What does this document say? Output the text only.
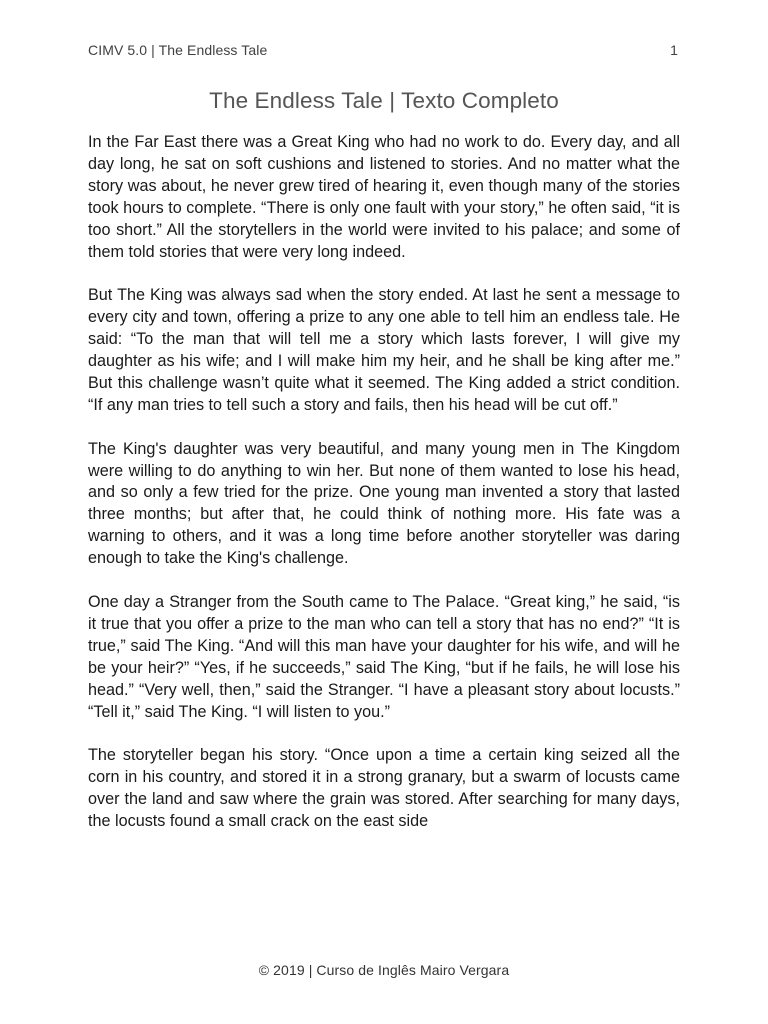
CIMV 5.0 | The Endless Tale	1
The Endless Tale | Texto Completo

In the Far East there was a Great King who had no work to do. Every day, and all day long, he sat on soft cushions and listened to stories. And no matter what the story was about, he never grew tired of hearing it, even though many of the stories took hours to complete. “There is only one fault with your story,” he often said, “it is too short.” All the storytellers in the world were invited to his palace; and some of them told stories that were very long indeed.

But The King was always sad when the story ended. At last he sent a message to every city and town, offering a prize to any one able to tell him an endless tale. He said: “To the man that will tell me a story which lasts forever, I will give my daughter as his wife; and I will make him my heir, and he shall be king after me.” But this challenge wasn’t quite what it seemed. The King added a strict condition. “If any man tries to tell such a story and fails, then his head will be cut off.”

The King's daughter was very beautiful, and many young men in The Kingdom were willing to do anything to win her. But none of them wanted to lose his head, and so only a few tried for the prize. One young man invented a story that lasted three months; but after that, he could think of nothing more. His fate was a warning to others, and it was a long time before another storyteller was daring enough to take the King's challenge.

One day a Stranger from the South came to The Palace. “Great king,” he said, “is it true that you offer a prize to the man who can tell a story that has no end?” “It is true,” said The King. “And will this man have your daughter for his wife, and will he be your heir?” “Yes, if he succeeds,” said The King, “but if he fails, he will lose his head.” “Very well, then,” said the Stranger. “I have a pleasant story about locusts.” “Tell it,” said The King. “I will listen to you.”

The storyteller began his story. “Once upon a time a certain king seized all the corn in his country, and stored it in a strong granary, but a swarm of locusts came over the land and saw where the grain was stored. After searching for many days, the locusts found a small crack on the east side

© 2019 | Curso de Inglês Mairo Vergara
